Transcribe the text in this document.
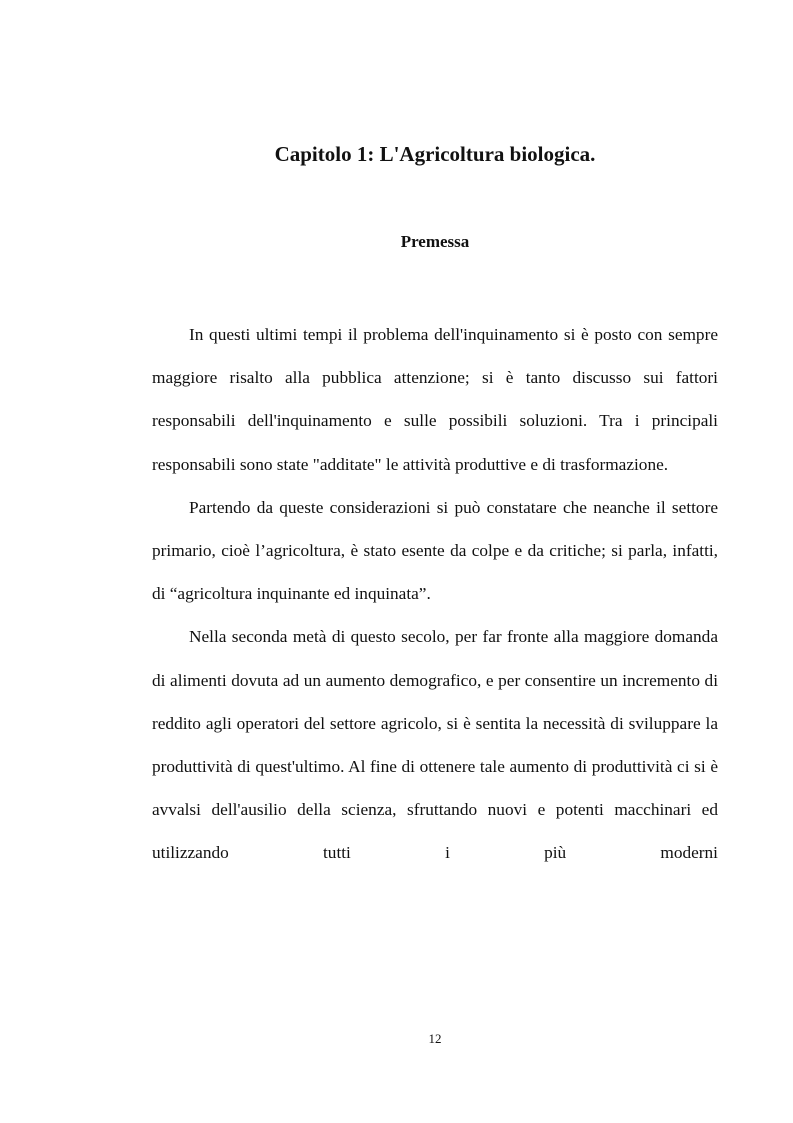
Capitolo 1: L'Agricoltura biologica.
Premessa

In questi ultimi tempi il problema dell'inquinamento si è posto con sempre maggiore risalto alla pubblica attenzione; si è tanto discusso sui fattori responsabili dell'inquinamento e sulle possibili soluzioni. Tra i principali responsabili sono state "additate" le attività produttive e di trasformazione.

Partendo da queste considerazioni si può constatare che neanche il settore primario, cioè l’agricoltura, è stato esente da colpe e da critiche; si parla, infatti, di “agricoltura inquinante ed inquinata”.

Nella seconda metà di questo secolo, per far fronte alla maggiore domanda di alimenti dovuta ad un aumento demografico, e per consentire un incremento di reddito agli operatori del settore agricolo, si è sentita la necessità di sviluppare la produttività di quest'ultimo. Al fine di ottenere tale aumento di produttività ci si è avvalsi dell'ausilio della scienza, sfruttando nuovi e potenti macchinari ed utilizzando tutti i più moderni

12
